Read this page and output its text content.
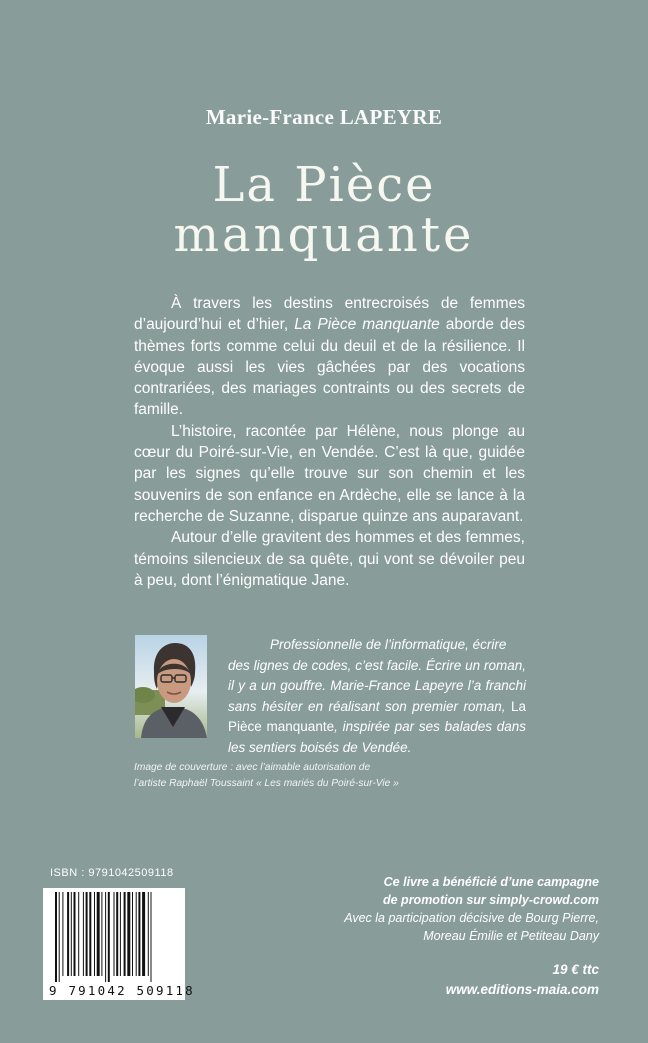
Marie-France LAPEYRE
La Pièce
manquante

À travers les destins entrecroisés de femmes d’aujourd’hui et d’hier, La Pièce manquante aborde des thèmes forts comme celui du deuil et de la résilience. Il évoque aussi les vies gâchées par des vocations contrariées, des mariages contraints ou des secrets de famille.

L’histoire, racontée par Hélène, nous plonge au cœur du Poiré-sur-Vie, en Vendée. C’est là que, guidée par les signes qu’elle trouve sur son chemin et les souvenirs de son enfance en Ardèche, elle se lance à la recherche de Suzanne, disparue quinze ans auparavant.

Autour d’elle gravitent des hommes et des femmes, témoins silencieux de sa quête, qui vont se dévoiler peu à peu, dont l’énigmatique Jane.

Professionnelle de l’informatique, écrire
des lignes de codes, c’est facile. Écrire un roman, il y a un gouffre. Marie-France Lapeyre l’a franchi sans hésiter en réalisant son premier roman, La Pièce manquante, inspirée par ses balades dans les sentiers boisés de Vendée.
Image de couverture : avec l’aimable autorisation de
l’artiste Raphaël Toussaint « Les mariés du Poiré-sur-Vie »
ISBN : 9791042509118
9 791042 509118
Ce livre a bénéficié d’une campagne
de promotion sur simply-crowd.com
Avec la participation décisive de Bourg Pierre,
Moreau Émilie et Petiteau Dany
19 € ttc
www.editions-maia.com
